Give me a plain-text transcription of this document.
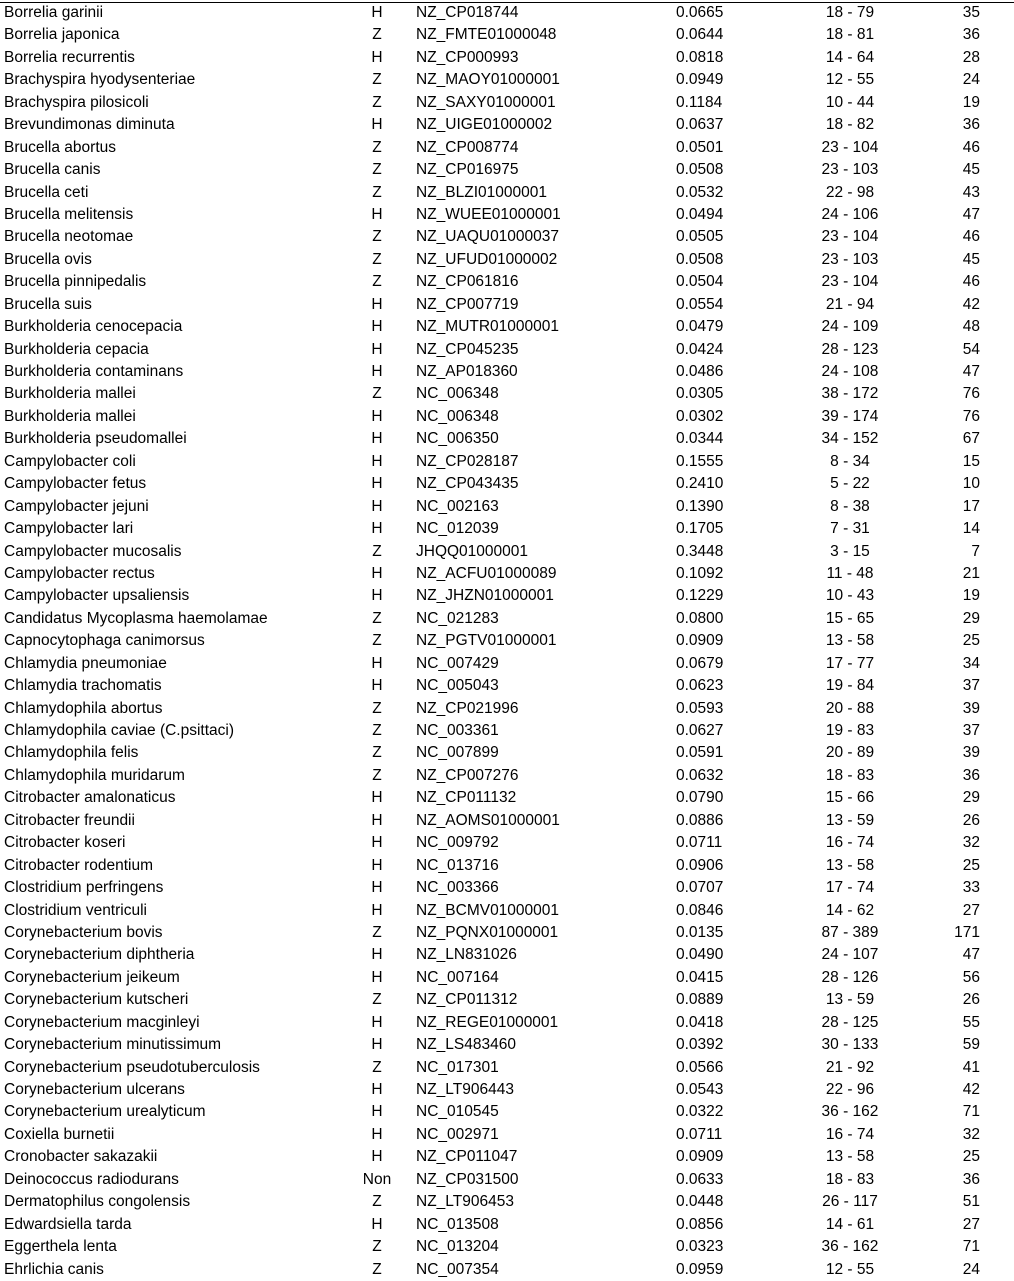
Borrelia garinii	H	NZ_CP018744	0.0665	18 - 79	35
Borrelia japonica	Z	NZ_FMTE01000048	0.0644	18 - 81	36
Borrelia recurrentis	H	NZ_CP000993	0.0818	14 - 64	28
Brachyspira hyodysenteriae	Z	NZ_MAOY01000001	0.0949	12 - 55	24
Brachyspira pilosicoli	Z	NZ_SAXY01000001	0.1184	10 - 44	19
Brevundimonas diminuta	H	NZ_UIGE01000002	0.0637	18 - 82	36
Brucella abortus	Z	NZ_CP008774	0.0501	23 - 104	46
Brucella canis	Z	NZ_CP016975	0.0508	23 - 103	45
Brucella ceti	Z	NZ_BLZI01000001	0.0532	22 - 98	43
Brucella melitensis	H	NZ_WUEE01000001	0.0494	24 - 106	47
Brucella neotomae	Z	NZ_UAQU01000037	0.0505	23 - 104	46
Brucella ovis	Z	NZ_UFUD01000002	0.0508	23 - 103	45
Brucella pinnipedalis	Z	NZ_CP061816	0.0504	23 - 104	46
Brucella suis	H	NZ_CP007719	0.0554	21 - 94	42
Burkholderia cenocepacia	H	NZ_MUTR01000001	0.0479	24 - 109	48
Burkholderia cepacia	H	NZ_CP045235	0.0424	28 - 123	54
Burkholderia contaminans	H	NZ_AP018360	0.0486	24 - 108	47
Burkholderia mallei	Z	NC_006348	0.0305	38 - 172	76
Burkholderia mallei	H	NC_006348	0.0302	39 - 174	76
Burkholderia pseudomallei	H	NC_006350	0.0344	34 - 152	67
Campylobacter coli	H	NZ_CP028187	0.1555	8 - 34	15
Campylobacter fetus	H	NZ_CP043435	0.2410	5 - 22	10
Campylobacter jejuni	H	NC_002163	0.1390	8 - 38	17
Campylobacter lari	H	NC_012039	0.1705	7 - 31	14
Campylobacter mucosalis	Z	JHQQ01000001	0.3448	3 - 15	7
Campylobacter rectus	H	NZ_ACFU01000089	0.1092	11 - 48	21
Campylobacter upsaliensis	H	NZ_JHZN01000001	0.1229	10 - 43	19
Candidatus Mycoplasma haemolamae	Z	NC_021283	0.0800	15 - 65	29
Capnocytophaga canimorsus	Z	NZ_PGTV01000001	0.0909	13 - 58	25
Chlamydia pneumoniae	H	NC_007429	0.0679	17 - 77	34
Chlamydia trachomatis	H	NC_005043	0.0623	19 - 84	37
Chlamydophila abortus	Z	NZ_CP021996	0.0593	20 - 88	39
Chlamydophila caviae (C.psittaci)	Z	NC_003361	0.0627	19 - 83	37
Chlamydophila felis	Z	NC_007899	0.0591	20 - 89	39
Chlamydophila muridarum	Z	NZ_CP007276	0.0632	18 - 83	36
Citrobacter amalonaticus	H	NZ_CP011132	0.0790	15 - 66	29
Citrobacter freundii	H	NZ_AOMS01000001	0.0886	13 - 59	26
Citrobacter koseri	H	NC_009792	0.0711	16 - 74	32
Citrobacter rodentium	H	NC_013716	0.0906	13 - 58	25
Clostridium perfringens	H	NC_003366	0.0707	17 - 74	33
Clostridium ventriculi	H	NZ_BCMV01000001	0.0846	14 - 62	27
Corynebacterium bovis	Z	NZ_PQNX01000001	0.0135	87 - 389	171
Corynebacterium diphtheria	H	NZ_LN831026	0.0490	24 - 107	47
Corynebacterium jeikeum	H	NC_007164	0.0415	28 - 126	56
Corynebacterium kutscheri	Z	NZ_CP011312	0.0889	13 - 59	26
Corynebacterium macginleyi	H	NZ_REGE01000001	0.0418	28 - 125	55
Corynebacterium minutissimum	H	NZ_LS483460	0.0392	30 - 133	59
Corynebacterium pseudotuberculosis	Z	NC_017301	0.0566	21 - 92	41
Corynebacterium ulcerans	H	NZ_LT906443	0.0543	22 - 96	42
Corynebacterium urealyticum	H	NC_010545	0.0322	36 - 162	71
Coxiella burnetii	H	NC_002971	0.0711	16 - 74	32
Cronobacter sakazakii	H	NZ_CP011047	0.0909	13 - 58	25
Deinococcus radiodurans	Non NZ_CP031500	0.0633	18 - 83	36
Dermatophilus congolensis	Z	NZ_LT906453	0.0448	26 - 117	51
Edwardsiella tarda	H	NC_013508	0.0856	14 - 61	27
Eggerthela lenta	Z	NC_013204	0.0323	36 - 162	71
Ehrlichia canis	Z	NC_007354	0.0959	12 - 55	24
